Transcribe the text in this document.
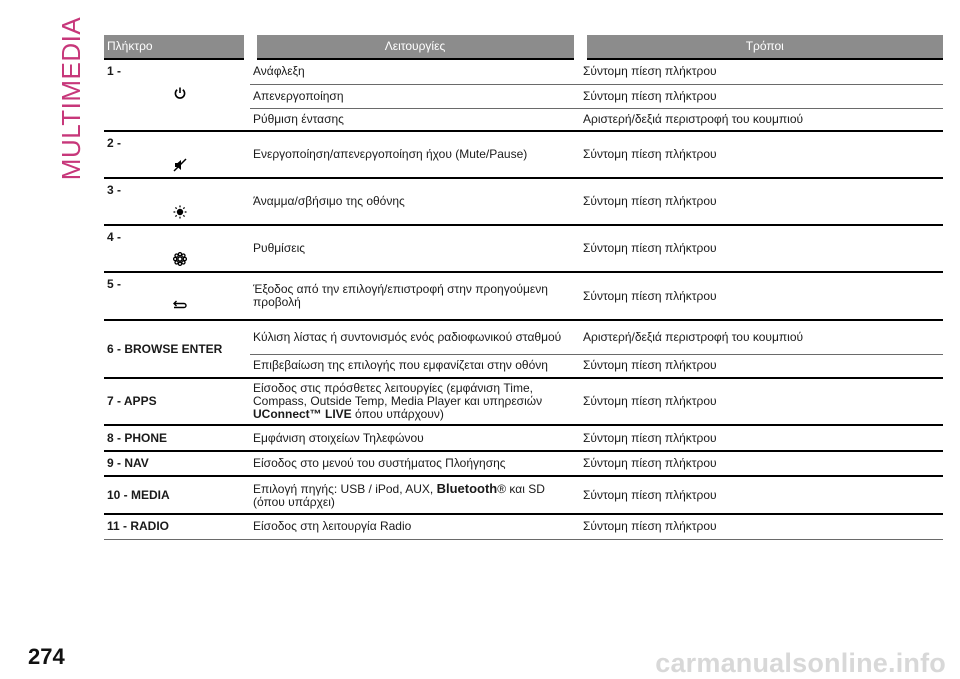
MULTIMEDIA Πλήκτρο	Λειτουργίες	Τρόποι
1 -	Ανάφλεξη	Σύντομη πίεση πλήκτρου
	Απενεργοποίηση	Σύντομη πίεση πλήκτρου
	Ρύθμιση έντασης	Αριστερή/δεξιά περιστροφή του κουμπιού
2 -	Ενεργοποίηση/απενεργοποίηση ήχου (Mute/Pause)	Σύντομη πίεση πλήκτρου
3 -	Άναμμα/σβήσιμο της οθόνης	Σύντομη πίεση πλήκτρου
4 -	Ρυθμίσεις	Σύντομη πίεση πλήκτρου
5 -	Έξοδος από την επιλογή/επιστροφή στην προηγούμενη προβολή	Σύντομη πίεση πλήκτρου
6 - BROWSE ENTER	Κύλιση λίστας ή συντονισμός ενός ραδιοφωνικού σταθμού	Αριστερή/δεξιά περιστροφή του κουμπιού
	Επιβεβαίωση της επιλογής που εμφανίζεται στην οθόνη	Σύντομη πίεση πλήκτρου
7 - APPS	Είσοδος στις πρόσθετες λειτουργίες (εμφάνιση Time, Compass, Outside Temp, Media Player και υπηρεσιών UConnect™ LIVE όπου υπάρχουν)	Σύντομη πίεση πλήκτρου
8 - PHONE	Εμφάνιση στοιχείων Τηλεφώνου	Σύντομη πίεση πλήκτρου
9 - NAV	Είσοδος στο μενού του συστήματος Πλοήγησης	Σύντομη πίεση πλήκτρου
10 - MEDIA	Επιλογή πηγής: USB / iPod, AUX, Bluetooth® και SD (όπου υπάρχει)	Σύντομη πίεση πλήκτρου
11 - RADIO	Είσοδος στη λειτουργία Radio	Σύντομη πίεση πλήκτρου
274	carmanualsonline.info
